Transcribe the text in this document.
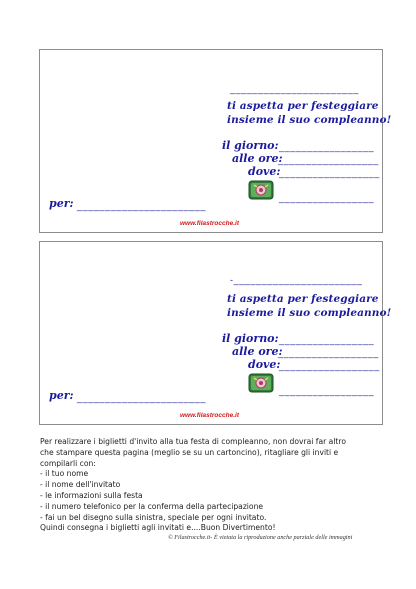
_______________________
ti aspetta per festeggiare
insieme il suo compleanno!
il giorno: _________________
alle ore:
__________________
dove:
__________________
_________________
per: _______________________
www.filastrocche.it
-_______________________
ti aspetta per festeggiare
insieme il suo compleanno!
il giorno: _________________
alle ore:
__________________
dove:
__________________
_________________
per: _______________________
www.filastrocche.it
Per realizzare i biglietti d'invito alla tua festa di compleanno, non dovrai far altro
che stampare questa pagina (meglio se su un cartoncino), ritagliare gli inviti e
compilarli con:
- il tuo nome
- il nome dell'invitato
- le informazioni sulla festa
- il numero telefonico per la conferma della partecipazione
- fai un bel disegno sulla sinistra, speciale per ogni invitato.
Quindi consegna i biglietti agli invitati e....Buon Divertimento!
© Filastrocche.it- È vietata la riproduzione anche parziale delle immagini
